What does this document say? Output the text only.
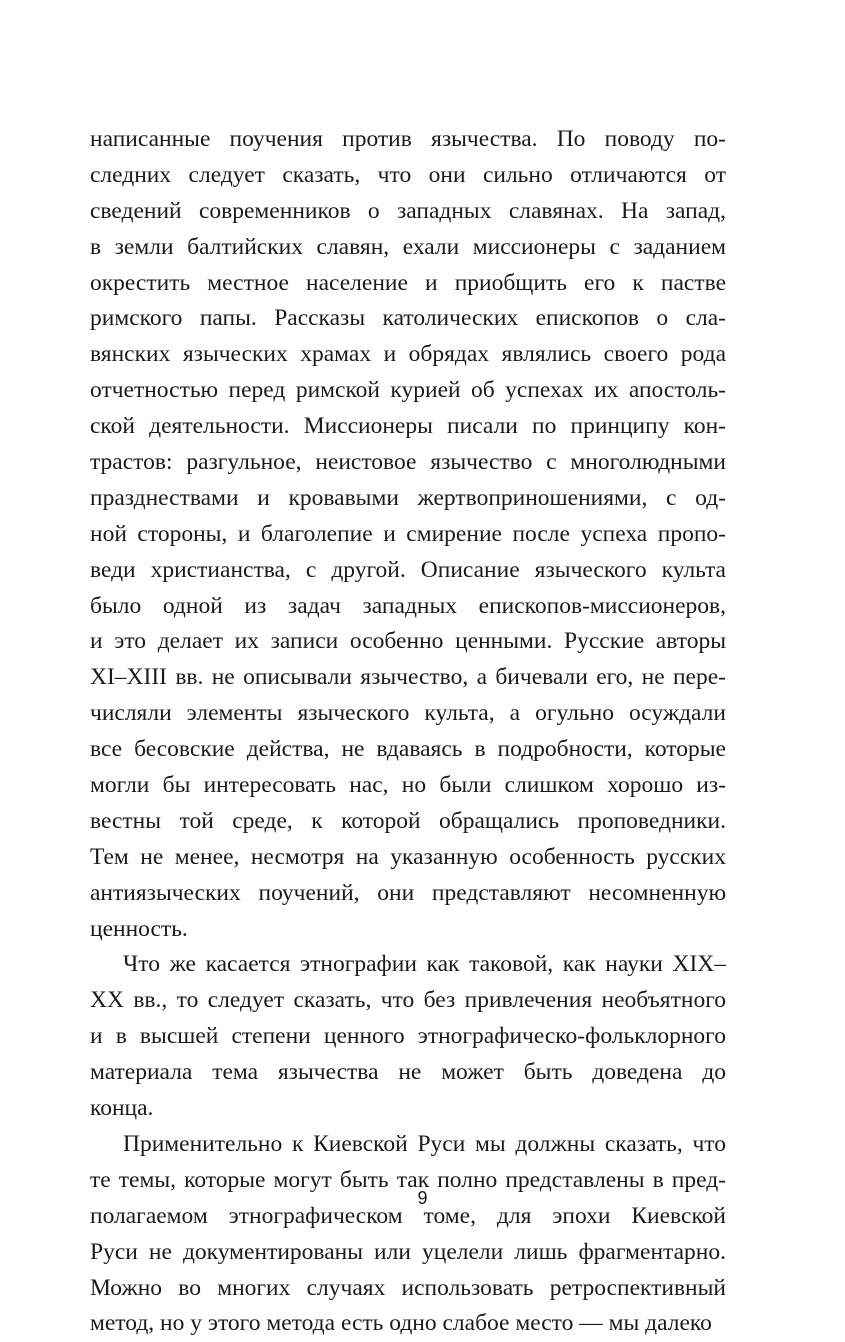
написанные поучения против язычества. По поводу по-
следних следует сказать, что они сильно отличаются от
сведений современников о западных славянах. На запад,
в земли балтийских славян, ехали миссионеры с заданием
окрестить местное население и приобщить его к пастве
римского папы. Рассказы католических епископов о сла-
вянских языческих храмах и обрядах являлись своего рода
отчетностью перед римской курией об успехах их апостоль-
ской деятельности. Миссионеры писали по принципу кон-
трастов: разгульное, неистовое язычество с многолюдными
празднествами и кровавыми жертвоприношениями, с од-
ной стороны, и благолепие и смирение после успеха пропо-
веди христианства, с другой. Описание языческого культа
было одной из задач западных епископов-миссионеров,
и это делает их записи особенно ценными. Русские авторы
XI–XIII вв. не описывали язычество, а бичевали его, не пере-
числяли элементы языческого культа, а огульно осуждали
все бесовские действа, не вдаваясь в подробности, которые
могли бы интересовать нас, но были слишком хорошо из-
вестны той среде, к которой обращались проповедники.
Тем не менее, несмотря на указанную особенность русских
антиязыческих поучений, они представляют несомненную
ценность.
Что же касается этнографии как таковой, как науки XIX–
XX вв., то следует сказать, что без привлечения необъятного
и в высшей степени ценного этнографическо-фольклорного
материала тема язычества не может быть доведена до
конца.
Применительно к Киевской Руси мы должны сказать, что
те темы, которые могут быть так полно представлены в пред-
полагаемом этнографическом томе, для эпохи Киевской
Руси не документированы или уцелели лишь фрагментарно.
Можно во многих случаях использовать ретроспективный
метод, но у этого метода есть одно слабое место — мы далеко
9
